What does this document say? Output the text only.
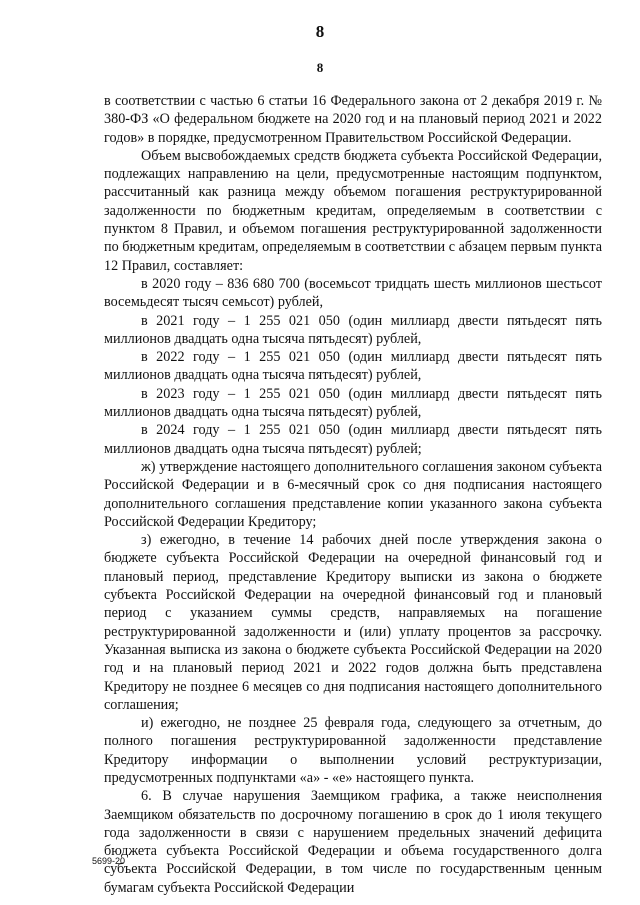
8
8

в соответствии с частью 6 статьи 16 Федерального закона от 2 декабря 2019 г. № 380-ФЗ «О федеральном бюджете на 2020 год и на плановый период 2021 и 2022 годов» в порядке, предусмотренном Правительством Российской Федерации.

Объем высвобождаемых средств бюджета субъекта Российской Федерации, подлежащих направлению на цели, предусмотренные настоящим подпунктом, рассчитанный как разница между объемом погашения реструктурированной задолженности по бюджетным кредитам, определяемым в соответствии с пунктом 8 Правил, и объемом погашения реструктурированной задолженности по бюджетным кредитам, определяемым в соответствии с абзацем первым пункта 12 Правил, составляет:

в 2020 году – 836 680 700 (восемьсот тридцать шесть миллионов шестьсот восемьдесят тысяч семьсот) рублей,

в 2021 году – 1 255 021 050 (один миллиард двести пятьдесят пять миллионов двадцать одна тысяча пятьдесят) рублей,

в 2022 году – 1 255 021 050 (один миллиард двести пятьдесят пять миллионов двадцать одна тысяча пятьдесят) рублей,

в 2023 году – 1 255 021 050 (один миллиард двести пятьдесят пять миллионов двадцать одна тысяча пятьдесят) рублей,

в 2024 году – 1 255 021 050 (один миллиард двести пятьдесят пять миллионов двадцать одна тысяча пятьдесят) рублей;

ж) утверждение настоящего дополнительного соглашения законом субъекта Российской Федерации и в 6-месячный срок со дня подписания настоящего дополнительного соглашения представление копии указанного закона субъекта Российской Федерации Кредитору;

з) ежегодно, в течение 14 рабочих дней после утверждения закона о бюджете субъекта Российской Федерации на очередной финансовый год и плановый период, представление Кредитору выписки из закона о бюджете субъекта Российской Федерации на очередной финансовый год и плановый период с указанием суммы средств, направляемых на погашение реструктурированной задолженности и (или) уплату процентов за рассрочку. Указанная выписка из закона о бюджете субъекта Российской Федерации на 2020 год и на плановый период 2021 и 2022 годов должна быть представлена Кредитору не позднее 6 месяцев со дня подписания настоящего дополнительного соглашения;

и) ежегодно, не позднее 25 февраля года, следующего за отчетным, до полного погашения реструктурированной задолженности представление Кредитору информации о выполнении условий реструктуризации, предусмотренных подпунктами «а» - «е» настоящего пункта.

6. В случае нарушения Заемщиком графика, а также неисполнения Заемщиком обязательств по досрочному погашению в срок до 1 июля текущего года задолженности в связи с нарушением предельных значений дефицита бюджета субъекта Российской Федерации и объема государственного долга субъекта Российской Федерации, в том числе по государственным ценным бумагам субъекта Российской Федерации

5699-20
